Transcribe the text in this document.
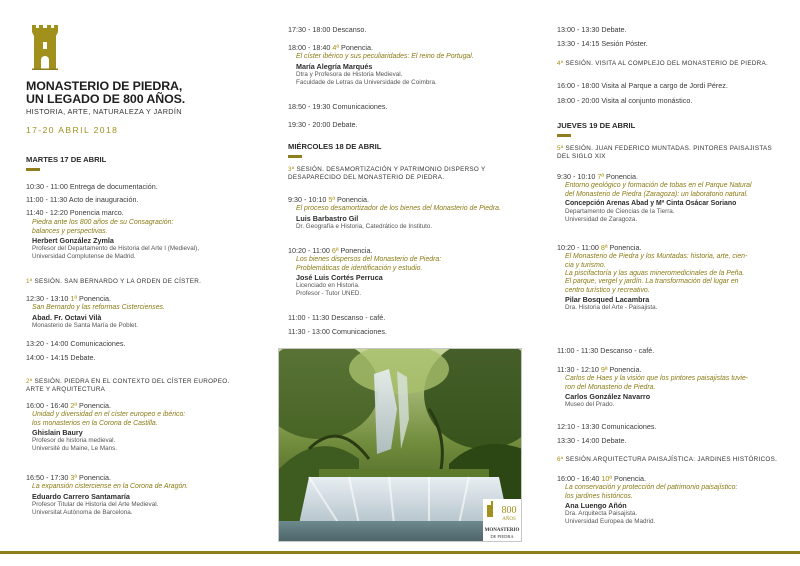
MONASTERIO DE PIEDRA,
UN LEGADO DE 800 AÑOS.
HISTORIA, ARTE, NATURALEZA Y JARDÍN
17-20 ABRIL 2018
MARTES 17 DE ABRIL
10:30 - 11:00 Entrega de documentación.
11:00 - 11:30 Acto de inauguración.
11:40 - 12:20 Ponencia marco.
Piedra ante los 800 años de su Consagración:
balances y perspectivas.
Herbert González Zymla
Profesor del Departamento de Historia del Arte I (Medieval),
Universidad Complutense de Madrid.
1ª SESIÓN. SAN BERNARDO Y LA ORDEN DE CÍSTER.
12:30 - 13:10 1ª Ponencia.
San Bernardo y las reformas Cistercienses.
Abad. Fr. Octavi Vilà
Monasterio de Santa María de Poblet.
13:20 - 14:00 Comunicaciones.
14:00 - 14:15 Debate.
2ª SESIÓN. PIEDRA EN EL CONTEXTO DEL CÍSTER EUROPEO.
ARTE Y ARQUITECTURA
16:00 - 16:40 2ª Ponencia.
Unidad y diversidad en el císter europeo e ibérico:
los monasterios en la Corona de Castilla.
Ghislain Baury
Profesor de historia medieval.
Université du Maine, Le Mans.
16:50 - 17:30 3ª Ponencia.
La expansión cisterciense en la Corona de Aragón.
Eduardo Carrero Santamaría
Profesor Titular de Historia del Arte Medieval.
Universitat Autònoma de Barcelona.
17:30 - 18:00 Descanso.
18:00 - 18:40 4ª Ponencia.
El císter ibérico y sus peculiaridades: El reino de Portugal.
María Alegría Marqués
Dtra y Profesora de Historia Medieval.
Faculdade de Letras da Universidade de Coimbra.
18:50 - 19:30 Comunicaciones.
19:30 - 20:00 Debate.
MIÉRCOLES 18 DE ABRIL
3ª SESIÓN. DESAMORTIZACIÓN Y PATRIMONIO DISPERSO Y
DESAPARECIDO DEL MONASTERIO DE PIEDRA.
9:30 - 10:10 5ª Ponencia.
El proceso desamortizador de los bienes del Monasterio de Piedra.
Luis Barbastro Gil
Dr. Geografía e Historia, Catedrático de Instituto.
10:20 - 11:00 6ª Ponencia.
Los bienes dispersos del Monasterio de Piedra:
Problemáticas de identificación y estudio.
José Luis Cortés Perruca
Licenciado en Historia.
Profesor - Tutor UNED.
11:00 - 11:30 Descanso - café.
11:30 - 13:00 Comunicaciones.
800
AÑOS
MONASTERIO
DE PIEDRA
13:00 - 13:30 Debate.
13:30 - 14:15 Sesión Póster.
4ª SESIÓN. VISITA AL COMPLEJO DEL MONASTERIO DE PIEDRA.
16:00 - 18:00 Visita al Parque a cargo de Jordi Pérez.
18:00 - 20:00 Visita al conjunto monástico.
JUEVES 19 DE ABRIL
5ª SESIÓN. JUAN FEDERICO MUNTADAS. PINTORES PAISAJISTAS
DEL SIGLO XIX
9:30 - 10:10 7ª Ponencia.
Entorno geológico y formación de tobas en el Parque Natural
del Monasterio de Piedra (Zaragoza): un laboratorio natural.
Concepción Arenas Abad y Mª Cinta Osácar Soriano
Departamento de Ciencias de la Tierra.
Universidad de Zaragoza.
10:20 - 11:00 8ª Ponencia.
El Monasterio de Piedra y los Muntadas: historia, arte, cien-
cia y turismo.
La piscifactoría y las aguas mineromedicinales de la Peña.
El parque, vergel y jardín. La transformación del lugar en
centro turístico y recreativo.
Pilar Bosqued Lacambra
Dra. Historia del Arte - Paisajista.
11:00 - 11:30 Descanso - café.
11:30 - 12:10 9ª Ponencia.
Carlos de Haes y la visión que los pintores paisajistas tuvie-
ron del Monasterio de Piedra.
Carlos González Navarro
Museo del Prado.
12:10 - 13:30 Comunicaciones.
13:30 - 14:00 Debate.
6ª SESIÓN.ARQUITECTURA PAISAJÍSTICA: JARDINES HISTÓRICOS.
16:00 - 16:40 10ª Ponencia.
La conservación y protección del patrimonio paisajístico:
los jardines históricos.
Ana Luengo Añón
Dra. Arquitecta Paisajista.
Universidad Europea de Madrid.
